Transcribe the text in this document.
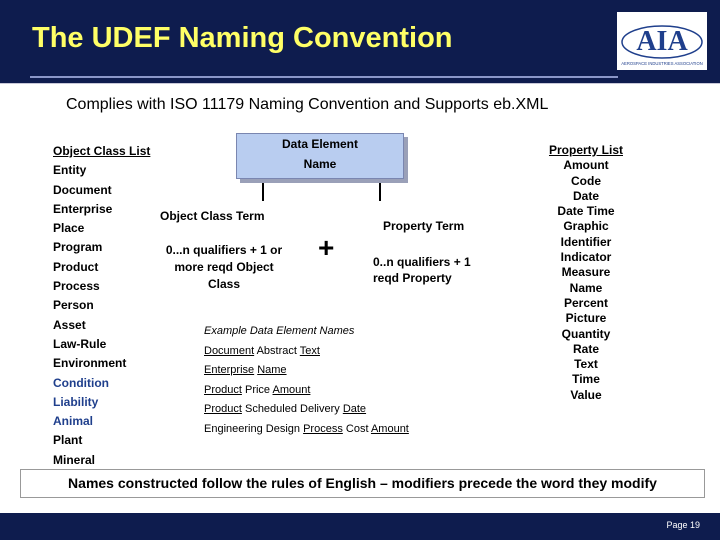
The UDEF Naming Convention	AIA
AEROSPACE INDUSTRIES ASSOCIATION
Complies with ISO 11179 Naming Convention and Supports eb.XML
Object Class List
Entity
Document
Enterprise
Place
Program
Product
Process
Person
Asset
Law-Rule
Environment
Condition
Liability
Animal
Plant
Mineral
Data Element
Name
Object Class Term
0...n qualifiers + 1 or more reqd Object Class
+
Property Term
0..n qualifiers + 1 reqd Property
Example Data Element Names
Document Abstract Text
Enterprise Name
Product Price Amount
Product Scheduled Delivery Date
Engineering Design Process Cost Amount
Property List
Amount
Code
Date
Date Time
Graphic
Identifier
Indicator
Measure
Name
Percent
Picture
Quantity
Rate
Text
Time
Value
Names constructed follow the rules of English – modifiers precede the word they modify
Page 19
